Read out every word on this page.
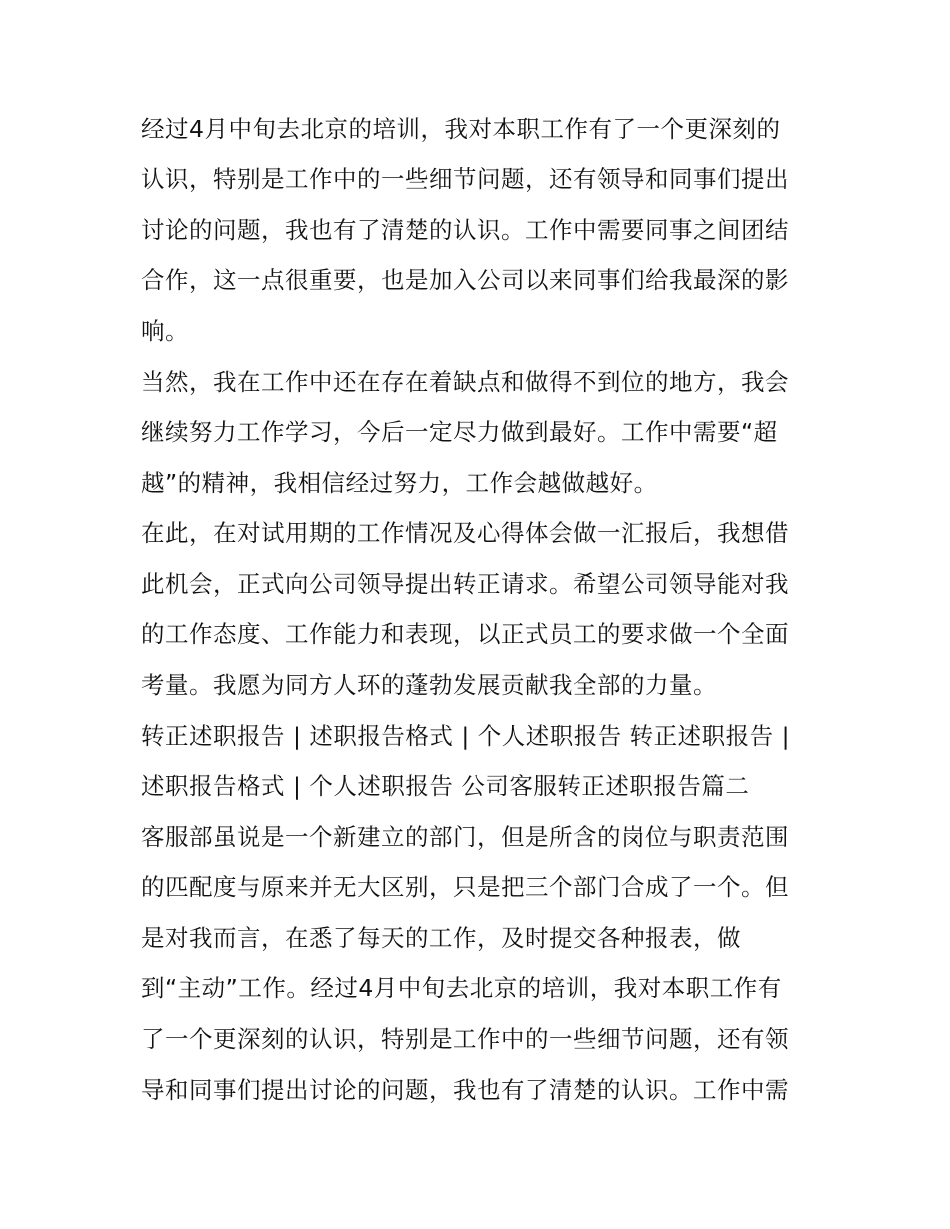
经过4月中旬去北京的培训，我对本职工作有了一个更深刻的
认识，特别是工作中的一些细节问题，还有领导和同事们提出
讨论的问题，我也有了清楚的认识。工作中需要同事之间团结
合作，这一点很重要，也是加入公司以来同事们给我最深的影
响。
当然，我在工作中还在存在着缺点和做得不到位的地方，我会
继续努力工作学习，今后一定尽力做到最好。工作中需要“超
越”的精神，我相信经过努力，工作会越做越好。
在此，在对试用期的工作情况及心得体会做一汇报后，我想借
此机会，正式向公司领导提出转正请求。希望公司领导能对我
的工作态度、工作能力和表现，以正式员工的要求做一个全面
考量。我愿为同方人环的蓬勃发展贡献我全部的力量。
转正述职报告 | 述职报告格式 | 个人述职报告 转正述职报告 |
述职报告格式 | 个人述职报告 公司客服转正述职报告篇二
客服部虽说是一个新建立的部门，但是所含的岗位与职责范围
的匹配度与原来并无大区别，只是把三个部门合成了一个。但
是对我而言，在悉了每天的工作，及时提交各种报表，做
到“主动”工作。经过4月中旬去北京的培训，我对本职工作有
了一个更深刻的认识，特别是工作中的一些细节问题，还有领
导和同事们提出讨论的问题，我也有了清楚的认识。工作中需
